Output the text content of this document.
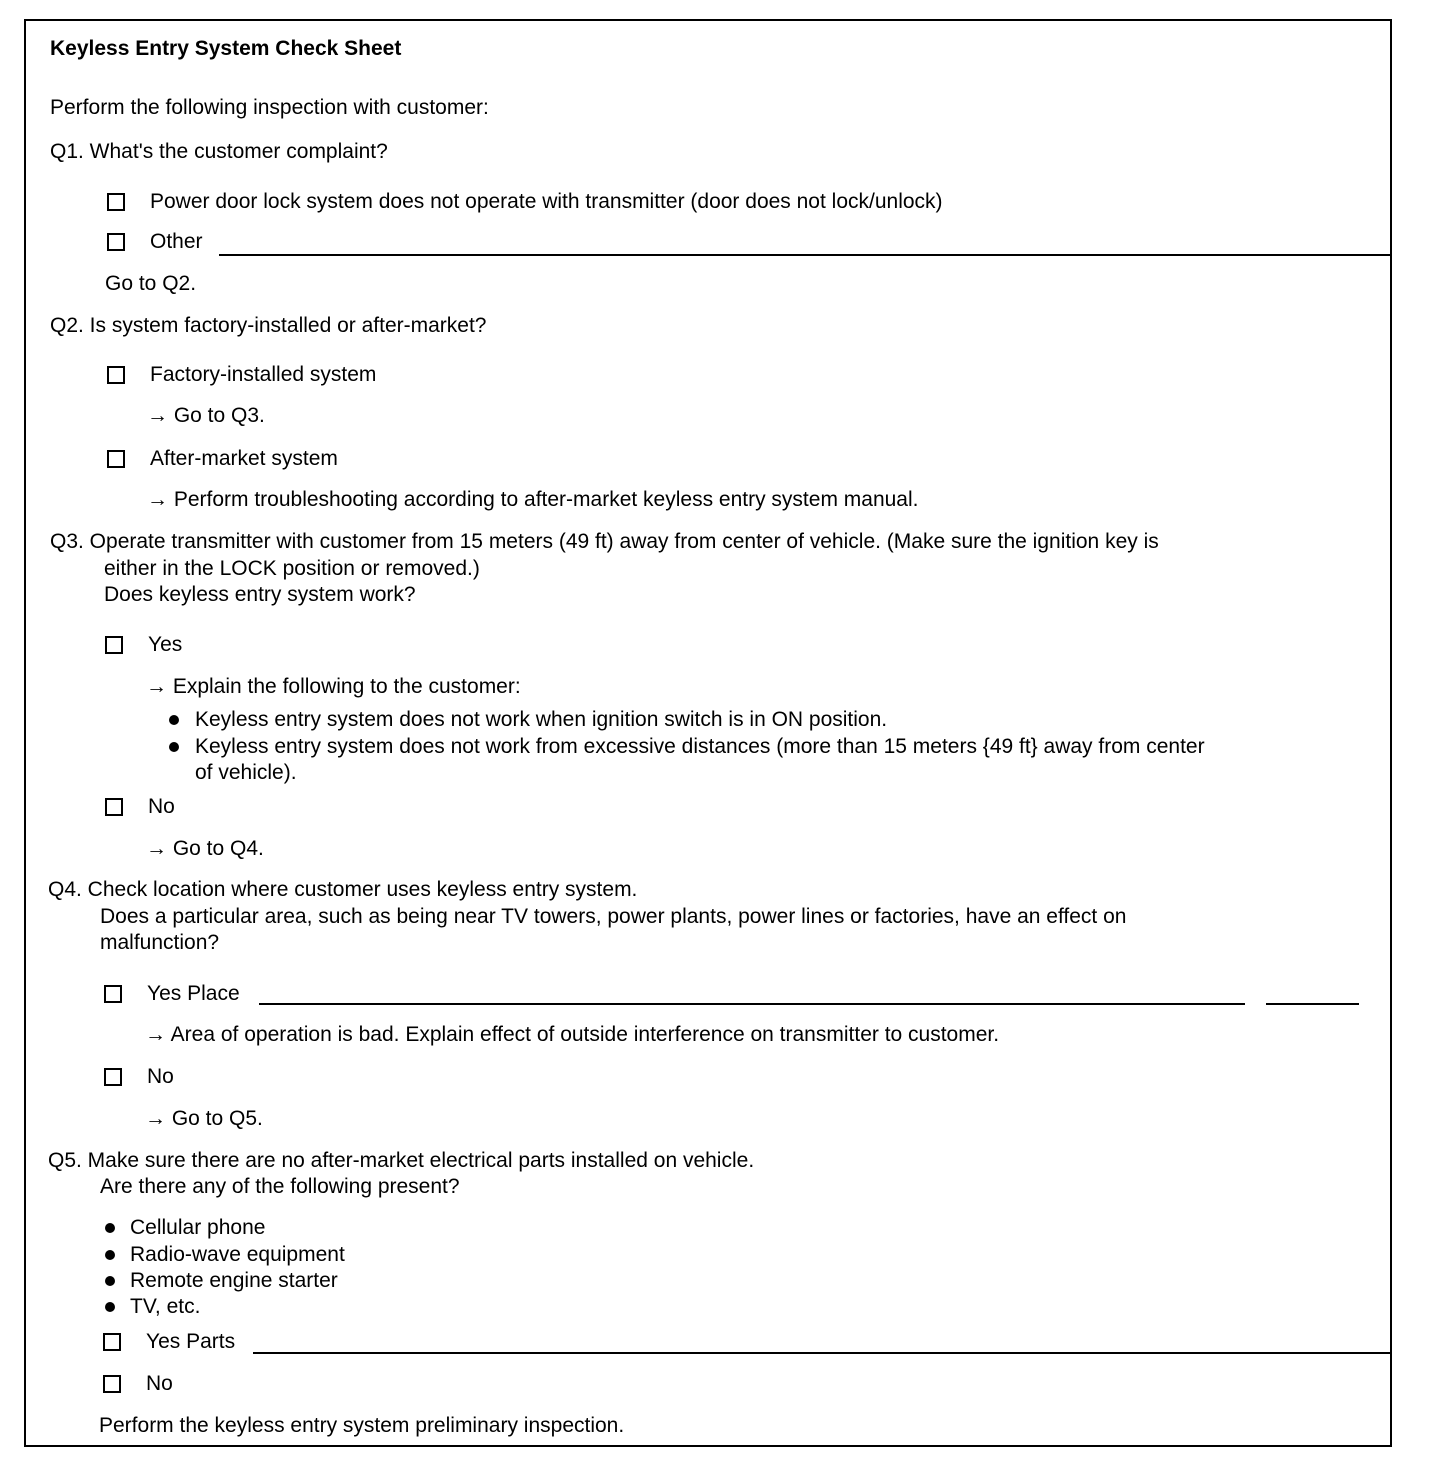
Keyless Entry System Check Sheet
Perform the following inspection with customer:
Q1. What's the customer complaint?
Power door lock system does not operate with transmitter (door does not lock/unlock)
Other
Go to Q2.
Q2. Is system factory-installed or after-market?
Factory-installed system
→ Go to Q3.
After-market system
→ Perform troubleshooting according to after-market keyless entry system manual.
Q3. Operate transmitter with customer from 15 meters (49 ft) away from center of vehicle. (Make sure the ignition key is
either in the LOCK position or removed.)
Does keyless entry system work?
Yes
→ Explain the following to the customer:
Keyless entry system does not work when ignition switch is in ON position.
Keyless entry system does not work from excessive distances (more than 15 meters {49 ft} away from center
of vehicle).
No
→ Go to Q4.
Q4. Check location where customer uses keyless entry system.
Does a particular area, such as being near TV towers, power plants, power lines or factories, have an effect on
malfunction?
Yes Place
→ Area of operation is bad. Explain effect of outside interference on transmitter to customer.
No
→ Go to Q5.
Q5. Make sure there are no after-market electrical parts installed on vehicle.
Are there any of the following present?
Cellular phone
Radio-wave equipment
Remote engine starter
TV, etc.
Yes Parts
No
Perform the keyless entry system preliminary inspection.
